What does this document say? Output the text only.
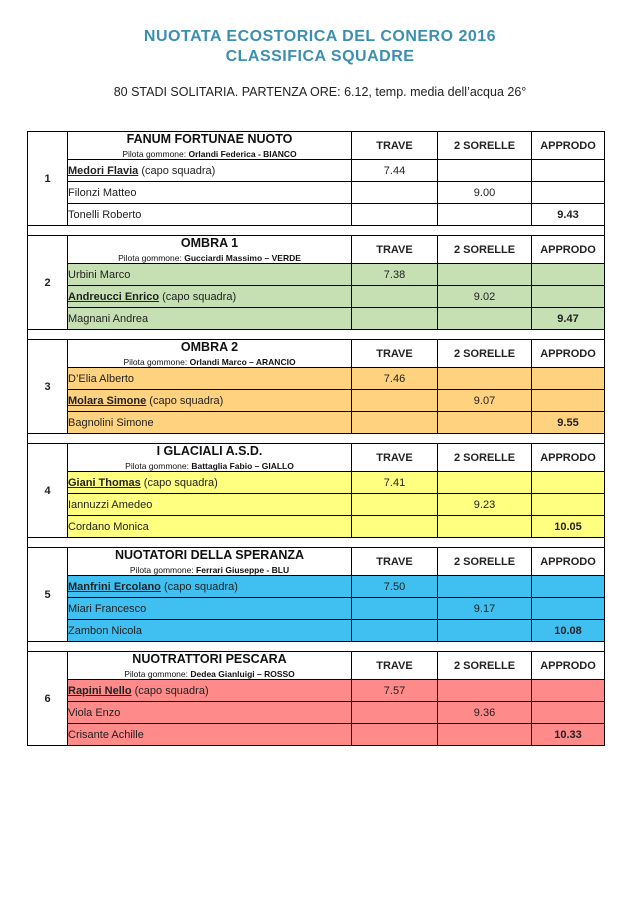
NUOTATA ECOSTORICA DEL CONERO 2016
CLASSIFICA SQUADRE
80 STADI SOLITARIA. PARTENZA ORE: 6.12, temp. media dell’acqua 26°
1	FANUM FORTUNAE NUOTO
Pilota gommone: Orlandi Federica - BIANCO	TRAVE	2 SORELLE	APPRODO
	Medori Flavia (capo squadra)	7.44		
	Filonzi Matteo		9.00	
	Tonelli Roberto			9.43

2	OMBRA 1
Pilota gommone: Gucciardi Massimo – VERDE	TRAVE	2 SORELLE	APPRODO
	Urbini Marco	7.38		
	Andreucci Enrico (capo squadra)		9.02	
	Magnani Andrea			9.47

3	OMBRA 2
Pilota gommone: Orlandi Marco – ARANCIO	TRAVE	2 SORELLE	APPRODO
	D’Elia Alberto	7.46		
	Molara Simone (capo squadra)		9.07	
	Bagnolini Simone			9.55

4	I GLACIALI A.S.D.
Pilota gommone: Battaglia Fabio – GIALLO	TRAVE	2 SORELLE	APPRODO
	Giani Thomas (capo squadra)	7.41		
	Iannuzzi Amedeo		9.23	
	Cordano Monica			10.05

5	NUOTATORI DELLA SPERANZA
Pilota gommone: Ferrari Giuseppe - BLU	TRAVE	2 SORELLE	APPRODO
	Manfrini Ercolano (capo squadra)	7.50		
	Miari Francesco		9.17	
	Zambon Nicola			10.08

6	NUOTRATTORI PESCARA
Pilota gommone: Dedea Gianluigi – ROSSO	TRAVE	2 SORELLE	APPRODO
	Rapini Nello (capo squadra)	7.57		
	Viola Enzo		9.36	
	Crisante Achille			10.33
